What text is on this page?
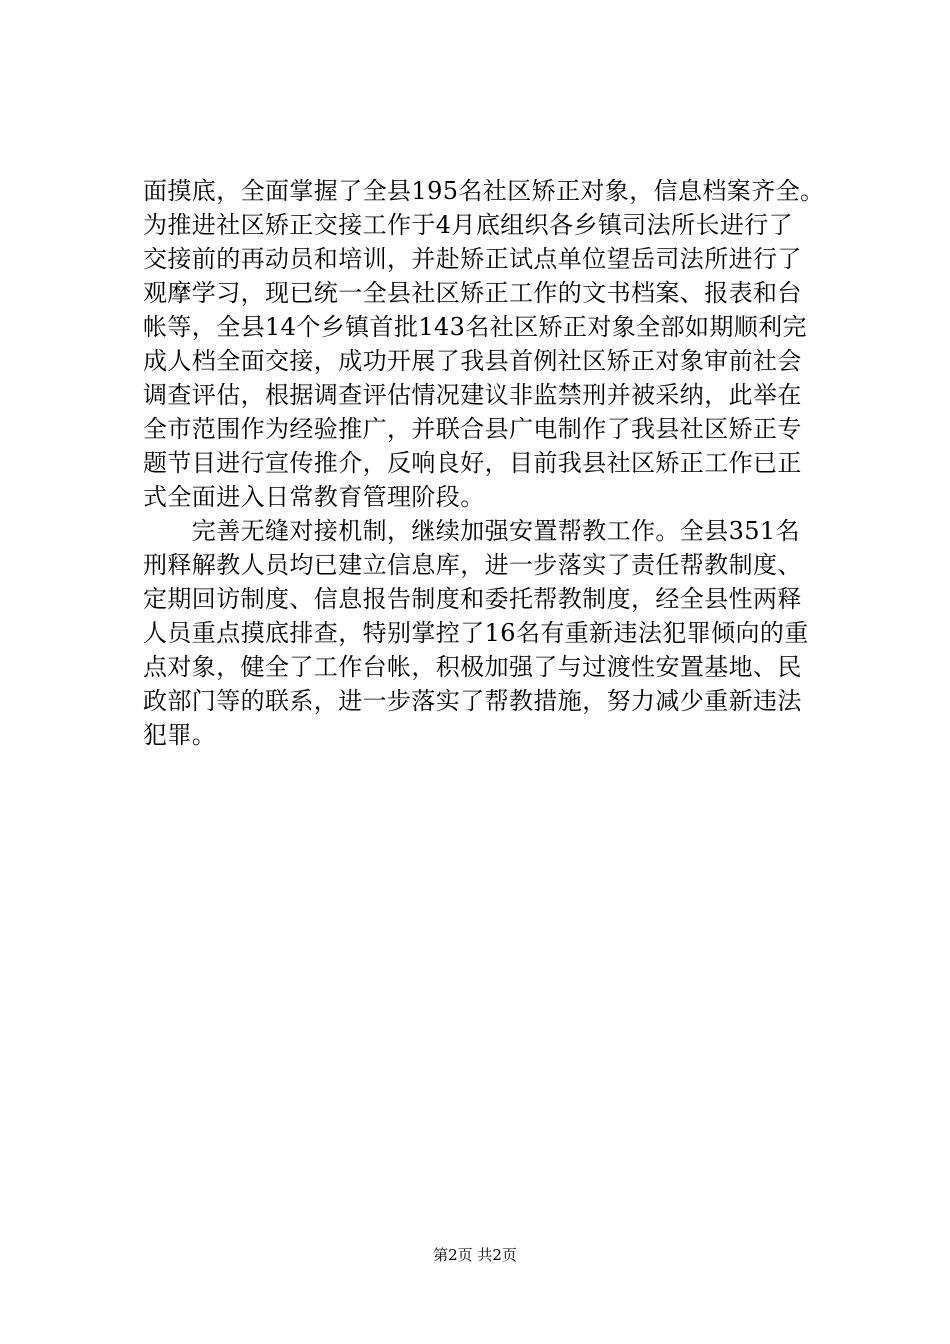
面摸底，全面掌握了全县195名社区矫正对象，信息档案齐全。
为推进社区矫正交接工作于4月底组织各乡镇司法所长进行了
交接前的再动员和培训，并赴矫正试点单位望岳司法所进行了
观摩学习，现已统一全县社区矫正工作的文书档案、报表和台
帐等，全县14个乡镇首批143名社区矫正对象全部如期顺利完
成人档全面交接，成功开展了我县首例社区矫正对象审前社会
调查评估，根据调查评估情况建议非监禁刑并被采纳，此举在
全市范围作为经验推广，并联合县广电制作了我县社区矫正专
题节目进行宣传推介，反响良好，目前我县社区矫正工作已正
式全面进入日常教育管理阶段。
　　完善无缝对接机制，继续加强安置帮教工作。全县351名
刑释解教人员均已建立信息库，进一步落实了责任帮教制度、
定期回访制度、信息报告制度和委托帮教制度，经全县性两释
人员重点摸底排查，特别掌控了16名有重新违法犯罪倾向的重
点对象，健全了工作台帐，积极加强了与过渡性安置基地、民
政部门等的联系，进一步落实了帮教措施，努力减少重新违法
犯罪。
第2页 共2页
